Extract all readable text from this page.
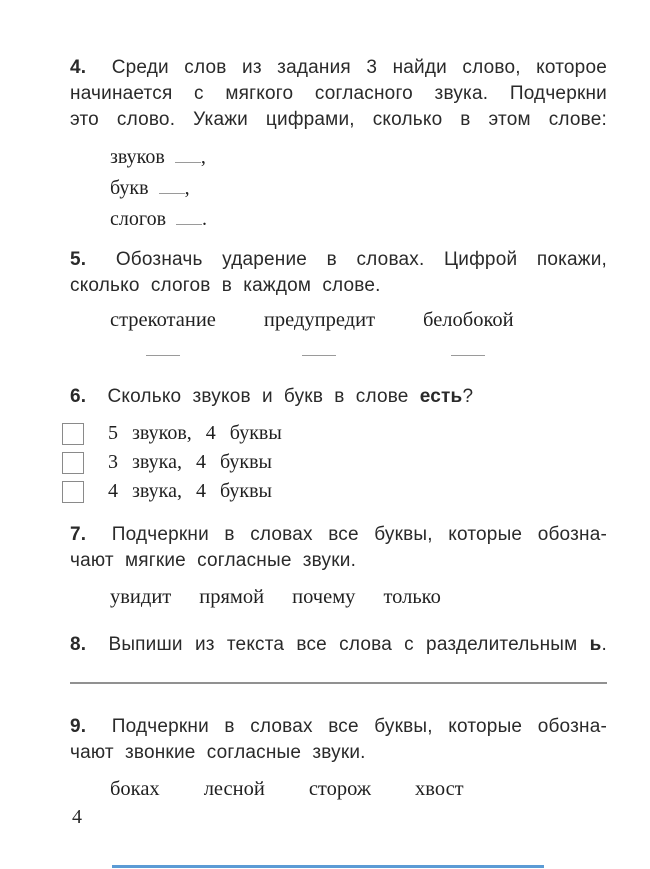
4. Среди слов из задания 3 найди слово, которое
начинается с мягкого согласного звука. Подчеркни
это слово. Укажи цифрами, сколько в этом слове:
звуков ,
букв ,
слогов .
5. Обозначь ударение в словах. Цифрой покажи,
сколько слогов в каждом слове.
стрекотание предупредит белобокой
6. Сколько звуков и букв в слове есть?
5 звуков, 4 буквы
3 звука, 4 буквы
4 звука, 4 буквы
7. Подчеркни в словах все буквы, которые обозна-
чают мягкие согласные звуки.
увидит прямой почему только
8. Выпиши из текста все слова с разделительным ь.
9. Подчеркни в словах все буквы, которые обозна-
чают звонкие согласные звуки.
боках лесной сторож хвост
4
